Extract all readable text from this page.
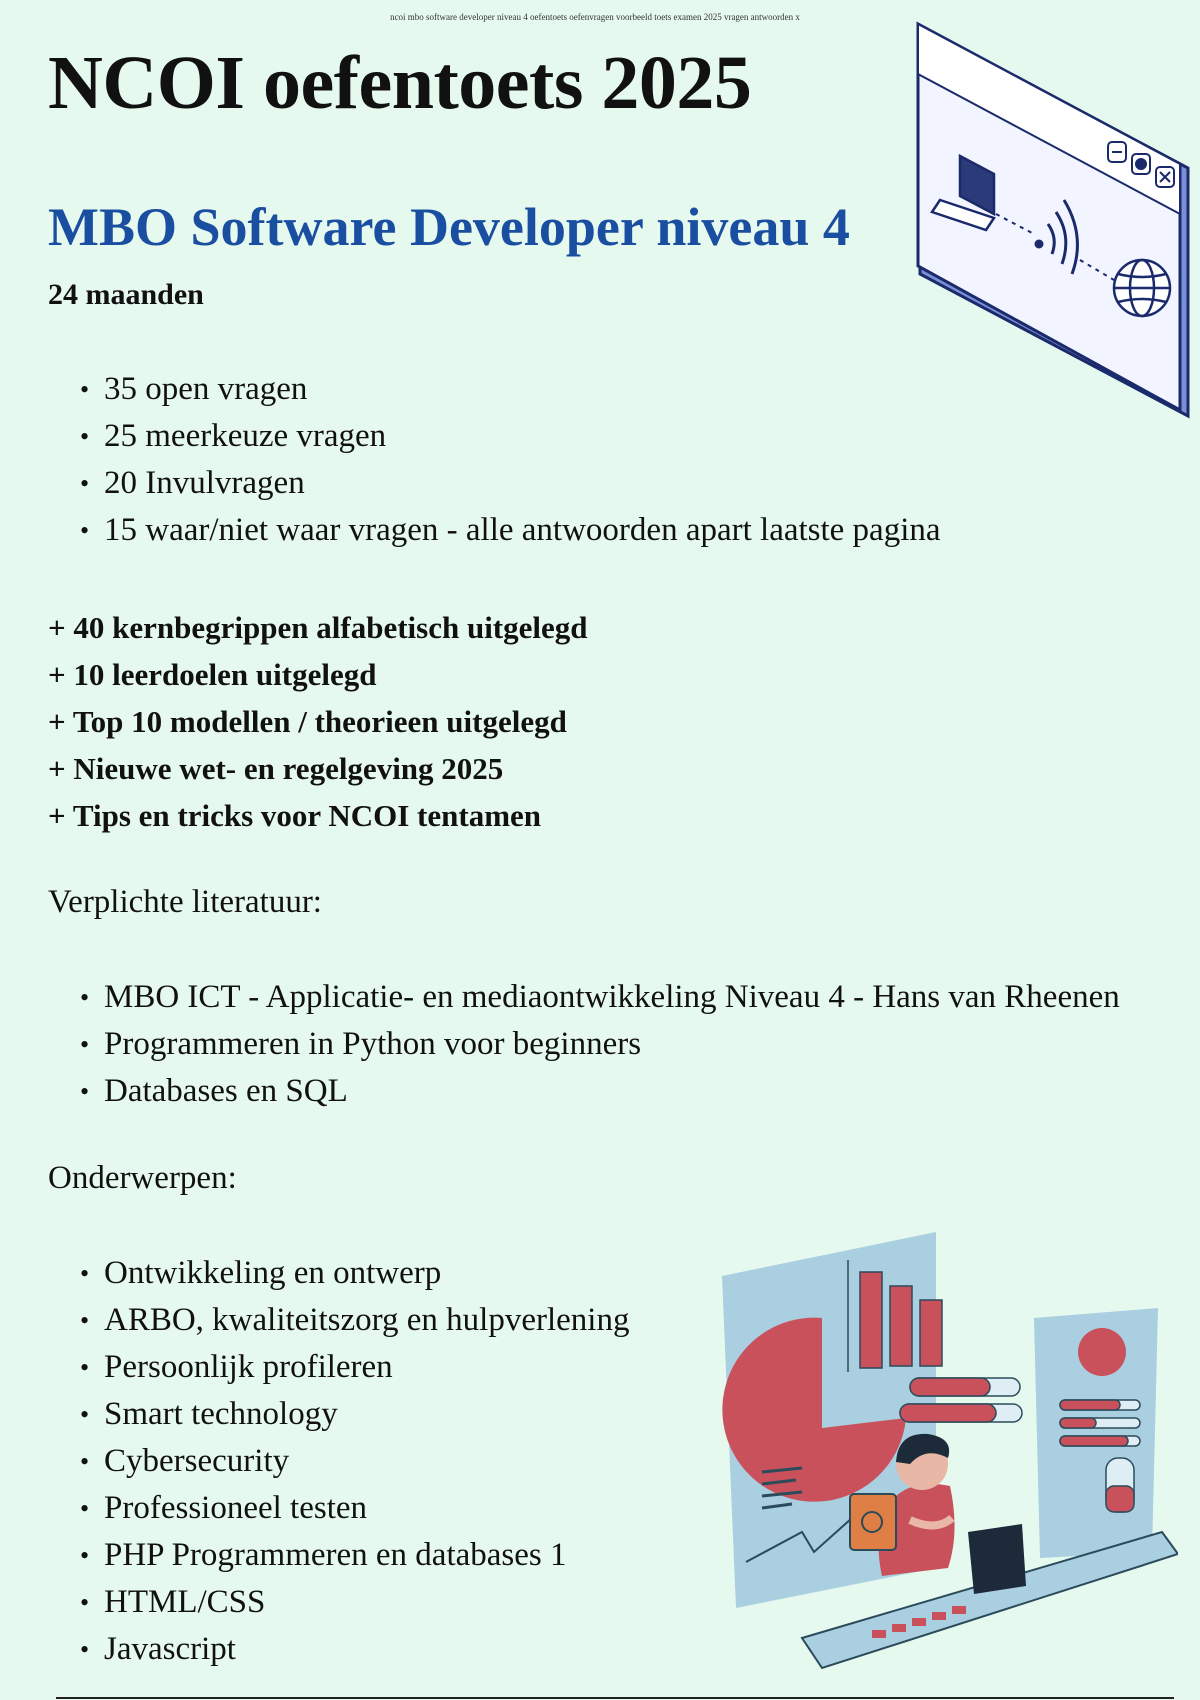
ncoi mbo software developer niveau 4 oefentoets oefenvragen voorbeeld toets examen 2025 vragen antwoorden x
NCOI oefentoets 2025
MBO Software Developer niveau 4
24 maanden
• 35 open vragen
• 25 meerkeuze vragen
• 20 Invulvragen
• 15 waar/niet waar vragen - alle antwoorden apart laatste pagina
+ 40 kernbegrippen alfabetisch uitgelegd
+ 10 leerdoelen uitgelegd
+ Top 10 modellen / theorieen uitgelegd
+ Nieuwe wet- en regelgeving 2025
+ Tips en tricks voor NCOI tentamen
Verplichte literatuur:
• MBO ICT - Applicatie- en mediaontwikkeling Niveau 4 - Hans van Rheenen
• Programmeren in Python voor beginners
• Databases en SQL
Onderwerpen:
• Ontwikkeling en ontwerp
• ARBO, kwaliteitszorg en hulpverlening
• Persoonlijk profileren
• Smart technology
• Cybersecurity
• Professioneel testen
• PHP Programmeren en databases 1
• HTML/CSS
• Javascript
